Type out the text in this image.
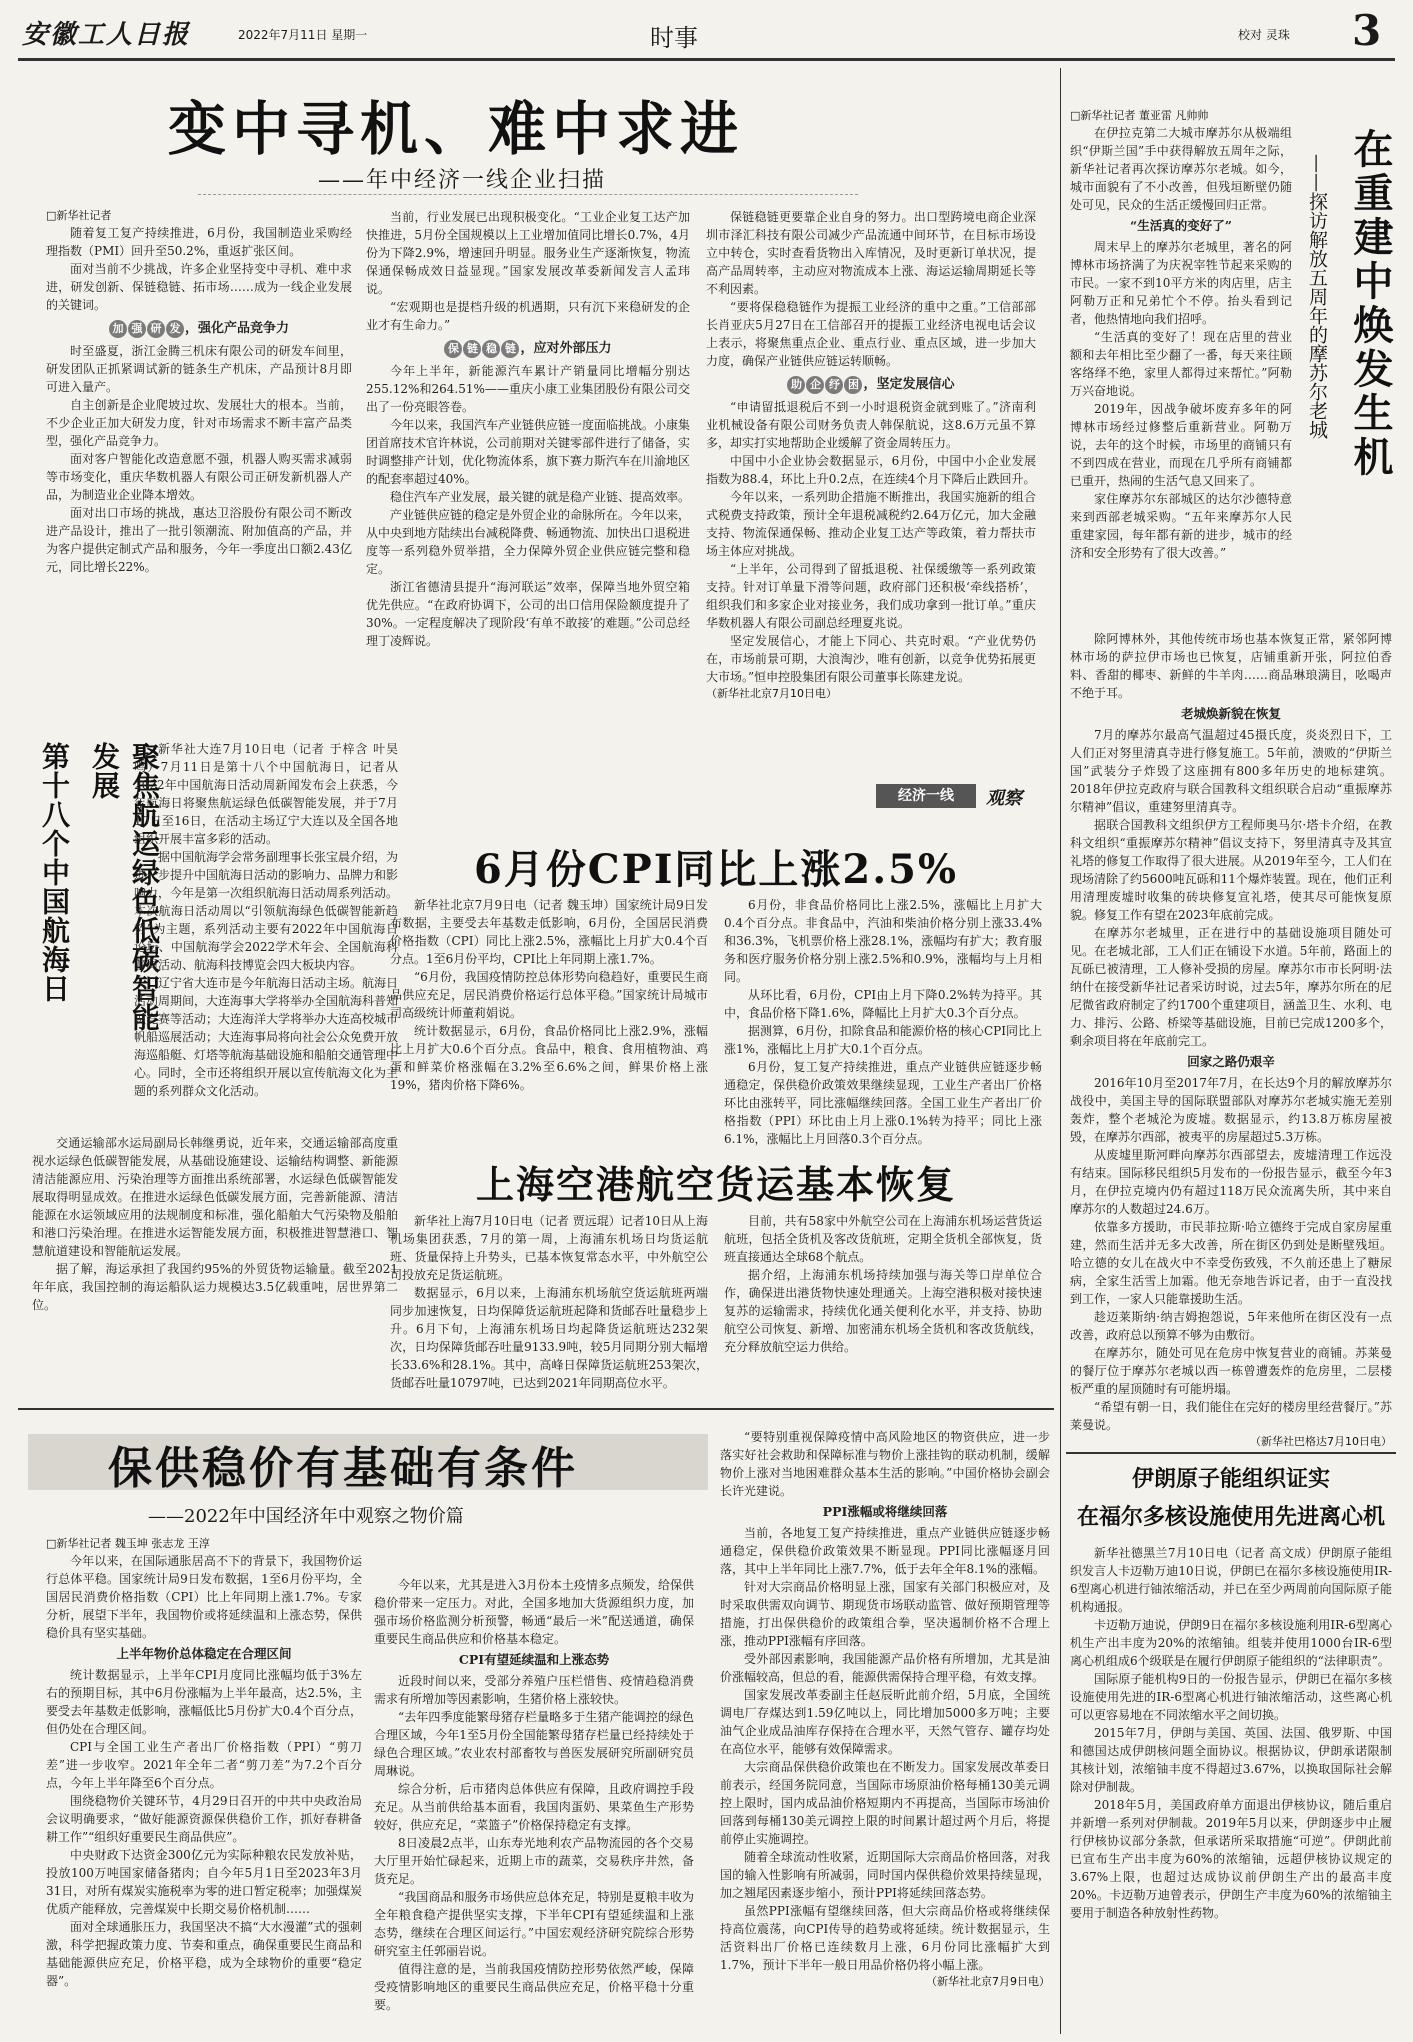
安徽工人日报	2022年7月11日 星期一	时事	校对 灵珠 3
变中寻机、难中求进
——年中经济一线企业扫描
□新华社记者

随着复工复产持续推进，6月份，我国制造业采购经理指数（PMI）回升至50.2%，重返扩张区间。

面对当前不少挑战，许多企业坚持变中寻机、难中求进，研发创新、保链稳链、拓市场……成为一线企业发展的关键词。

加 强 研 发 ，强化产品竞争力

时至盛夏，浙江金腾三机床有限公司的研发车间里，研发团队正抓紧调试新的链条生产机床，产品预计8月即可进入量产。

自主创新是企业爬坡过坎、发展壮大的根本。当前，不少企业正加大研发力度，针对市场需求不断丰富产品类型，强化产品竞争力。

面对客户智能化改造意愿不强，机器人购买需求减弱等市场变化，重庆华数机器人有限公司正研发新机器人产品，为制造业企业降本增效。

面对出口市场的挑战，惠达卫浴股份有限公司不断改进产品设计，推出了一批引领潮流、附加值高的产品，并为客户提供定制式产品和服务，今年一季度出口额2.43亿元，同比增长22%。

当前，行业发展已出现积极变化。“工业企业复工达产加快推进，5月份全国规模以上工业增加值同比增长0.7%，4月份为下降2.9%，增速回升明显。服务业生产逐渐恢复，物流保通保畅成效日益显现。”国家发展改革委新闻发言人孟玮说。

“宏观期也是提档升级的机遇期，只有沉下来稳研发的企业才有生命力。”

保 链 稳 链 ，应对外部压力

今年上半年，新能源汽车累计产销量同比增幅分别达255.12%和264.51%——重庆小康工业集团股份有限公司交出了一份亮眼答卷。

今年以来，我国汽车产业链供应链一度面临挑战。小康集团首席技术官许林说，公司前期对关键零部件进行了储备，实时调整排产计划，优化物流体系，旗下赛力斯汽车在川渝地区的配套率超过40%。

稳住汽车产业发展，最关键的就是稳产业链、提高效率。

产业链供应链的稳定是外贸企业的命脉所在。今年以来，从中央到地方陆续出台减税降费、畅通物流、加快出口退税进度等一系列稳外贸举措，全力保障外贸企业供应链完整和稳定。

浙江省德清县提升“海河联运”效率，保障当地外贸空箱优先供应。“在政府协调下，公司的出口信用保险额度提升了30%。一定程度解决了现阶段‘有单不敢接’的难题。”公司总经理丁凌辉说。

保链稳链更要靠企业自身的努力。出口型跨境电商企业深圳市泽汇科技有限公司减少产品流通中间环节，在目标市场设立中转仓，实时查看货物出入库情况，及时更新订单状况，提高产品周转率，主动应对物流成本上涨、海运运输周期延长等不利因素。

“要将保稳稳链作为提振工业经济的重中之重。”工信部部长肖亚庆5月27日在工信部召开的提振工业经济电视电话会议上表示，将聚焦重点企业、重点行业、重点区域，进一步加大力度，确保产业链供应链运转顺畅。

助 企 纾 困 ，坚定发展信心

“申请留抵退税后不到一小时退税资金就到账了。”济南利业机械设备有限公司财务负责人韩保航说，这8.6万元虽不算多，却实打实地帮助企业缓解了资金周转压力。

中国中小企业协会数据显示，6月份，中国中小企业发展指数为88.4，环比上升0.2点，在连续4个月下降后止跌回升。

今年以来，一系列助企措施不断推出，我国实施新的组合式税费支持政策，预计全年退税减税约2.64万亿元，加大金融支持、物流保通保畅、推动企业复工达产等政策，着力帮扶市场主体应对挑战。

“上半年，公司得到了留抵退税、社保缓缴等一系列政策支持。针对订单量下滑等问题，政府部门还积极‘牵线搭桥’，组织我们和多家企业对接业务，我们成功拿到一批订单。”重庆华数机器人有限公司副总经理夏兆说。

坚定发展信心，才能上下同心、共克时艰。“产业优势仍在，市场前景可期，大浪淘沙，唯有创新，以竞争优势拓展更大市场。”恒申控股集团有限公司董事长陈建龙说。

（新华社北京7月10日电）
经济一线	观察
聚焦航运绿色低碳智能发展
第十八个中国航海日	新华社大连7月10日电（记者 于梓含 叶昊鸣）7月11日是第十八个中国航海日，记者从2022年中国航海日活动周新闻发布会上获悉，今年航海日将聚焦航运绿色低碳智能发展，并于7月10日至16日，在活动主场辽宁大连以及全国各地组织开展丰富多彩的活动。

据中国航海学会常务副理事长张宝晨介绍，为进一步提升中国航海日活动的影响力、品牌力和影响力，今年是第一次组织航海日活动周系列活动。本次航海日活动周以“引领航海绿色低碳智能新趋势”为主题，系列活动主要有2022年中国航海日论坛、中国航海学会2022学术年会、全国航海科普周活动、航海科技博览会四大板块内容。

辽宁省大连市是今年航海日活动主场。航海日活动周期间，大连海事大学将举办全国航海科普知识竞赛等活动；大连海洋大学将举办大连高校城市帆船巡展活动；大连海事局将向社会公众免费开放海巡船艇、灯塔等航海基础设施和船舶交通管理中心。同时，全市还将组织开展以宣传航海文化为主题的系列群众文化活动。

交通运输部水运局副局长韩继勇说，近年来，交通运输部高度重视水运绿色低碳智能发展，从基础设施建设、运输结构调整、新能源清洁能源应用、污染治理等方面推出系统部署，水运绿色低碳智能发展取得明显成效。在推进水运绿色低碳发展方面，完善新能源、清洁能源在水运领域应用的法规制度和标准，强化船舶大气污染物及船舶和港口污染治理。在推进水运智能发展方面，积极推进智慧港口、智慧航道建设和智能航运发展。

据了解，海运承担了我国约95%的外贸货物运输量。截至2021年年底，我国控制的海运船队运力规模达3.5亿载重吨，居世界第二位。

6月份CPI同比上涨2.5%

新华社北京7月9日电（记者 魏玉坤）国家统计局9日发布数据，主要受去年基数走低影响，6月份，全国居民消费价格指数（CPI）同比上涨2.5%，涨幅比上月扩大0.4个百分点。1至6月份平均，CPI比上年同期上涨1.7%。

“6月份，我国疫情防控总体形势向稳趋好，重要民生商品供应充足，居民消费价格运行总体平稳。”国家统计局城市司高级统计师董莉娟说。

统计数据显示，6月份，食品价格同比上涨2.9%，涨幅比上月扩大0.6个百分点。食品中，粮食、食用植物油、鸡蛋和鲜菜价格涨幅在3.2%至6.6%之间，鲜果价格上涨19%，猪肉价格下降6%。

6月份，非食品价格同比上涨2.5%，涨幅比上月扩大0.4个百分点。非食品中，汽油和柴油价格分别上涨33.4%和36.3%，飞机票价格上涨28.1%，涨幅均有扩大；教育服务和医疗服务价格分别上涨2.5%和0.9%，涨幅均与上月相同。

从环比看，6月份，CPI由上月下降0.2%转为持平。其中，食品价格下降1.6%，降幅比上月扩大0.3个百分点。

据测算，6月份，扣除食品和能源价格的核心CPI同比上涨1%，涨幅比上月扩大0.1个百分点。

6月份，复工复产持续推进，重点产业链供应链逐步畅通稳定，保供稳价政策效果继续显现，工业生产者出厂价格环比由涨转平，同比涨幅继续回落。全国工业生产者出厂价格指数（PPI）环比由上月上涨0.1%转为持平；同比上涨6.1%，涨幅比上月回落0.3个百分点。

上海空港航空货运基本恢复

新华社上海7月10日电（记者 贾远琨）记者10日从上海机场集团获悉，7月的第一周，上海浦东机场日均货运航班、货量保持上升势头，已基本恢复常态水平，中外航空公司投放充足货运航班。

数据显示，6月以来，上海浦东机场航空货运航班两端同步加速恢复，日均保障货运航班起降和货邮吞吐量稳步上升。6月下旬，上海浦东机场日均起降货运航班达232架次，日均保障货邮吞吐量9133.9吨，较5月同期分别大幅增长33.6%和28.1%。其中，高峰日保障货运航班253架次，货邮吞吐量10797吨，已达到2021年同期高位水平。

目前，共有58家中外航空公司在上海浦东机场运营货运航班，包括全货机及客改货航班，定期全货机全部恢复，货班直接通达全球68个航点。

据介绍，上海浦东机场持续加强与海关等口岸单位合作，确保进出港货物快速处理通关。上海空港积极对接快速复苏的运输需求，持续优化通关便利化水平，并支持、协助航空公司恢复、新增、加密浦东机场全货机和客改货航线，充分释放航空运力供给。

保供稳价有基础有条件
——2022年中国经济年中观察之物价篇
□新华社记者 魏玉坤 张志龙 王淳

今年以来，在国际通胀居高不下的背景下，我国物价运行总体平稳。国家统计局9日发布数据，1至6月份平均，全国居民消费价格指数（CPI）比上年同期上涨1.7%。专家分析，展望下半年，我国物价或将延续温和上涨态势，保供稳价具有坚实基础。

上半年物价总体稳定在合理区间

统计数据显示，上半年CPI月度同比涨幅均低于3%左右的预期目标，其中6月份涨幅为上半年最高，达2.5%，主要受去年基数走低影响，涨幅低比5月份扩大0.4个百分点，但仍处在合理区间。

CPI与全国工业生产者出厂价格指数（PPI）“剪刀差”进一步收窄。2021年全年二者“剪刀差”为7.2个百分点，今年上半年降至6个百分点。

围绕稳物价关键环节，4月29日召开的中共中央政治局会议明确要求，“做好能源资源保供稳价工作，抓好春耕备耕工作”“组织好重要民生商品供应”。

中央财政下达资金300亿元为实际种粮农民发放补贴，投放100万吨国家储备猪肉；自今年5月1日至2023年3月31日，对所有煤炭实施税率为零的进口暂定税率；加强煤炭优质产能释放，完善煤炭中长期交易价格机制……

面对全球通胀压力，我国坚决不搞“大水漫灌”式的强刺激，科学把握政策力度、节奏和重点，确保重要民生商品和基础能源供应充足，价格平稳，成为全球物价的重要“稳定器”。

今年以来，尤其是进入3月份本土疫情多点频发，给保供稳价带来一定压力。对此，全国多地加大货源组织力度，加强市场价格监测分析预警，畅通“最后一米”配送通道，确保重要民生商品供应和价格基本稳定。

CPI有望延续温和上涨态势

近段时间以来，受部分养殖户压栏惜售、疫情趋稳消费需求有所增加等因素影响，生猪价格上涨较快。

“去年四季度能繁母猪存栏量略多于生猪产能调控的绿色合理区域，今年1至5月份全国能繁母猪存栏量已经持续处于绿色合理区域。”农业农村部畜牧与兽医发展研究所副研究员周琳说。

综合分析，后市猪肉总体供应有保障，且政府调控手段充足。从当前供给基本面看，我国肉蛋奶、果菜鱼生产形势较好，供应充足，“菜篮子”价格保持稳定有支撑。

8日凌晨2点半，山东寿光地利农产品物流园的各个交易大厅里开始忙碌起来，近期上市的蔬菜，交易秩序井然，备货充足。

“我国商品和服务市场供应总体充足，特别是夏粮丰收为全年粮食稳产提供坚实支撑，下半年CPI有望延续温和上涨态势，继续在合理区间运行。”中国宏观经济研究院综合形势研究室主任郭丽岩说。

值得注意的是，当前我国疫情防控形势依然严峻，保障受疫情影响地区的重要民生商品供应充足，价格平稳十分重要。

“要特别重视保障疫情中高风险地区的物资供应，进一步落实好社会救助和保障标准与物价上涨挂钩的联动机制，缓解物价上涨对当地困难群众基本生活的影响。”中国价格协会副会长许光建说。

PPI涨幅或将继续回落

当前，各地复工复产持续推进，重点产业链供应链逐步畅通稳定，保供稳价政策效果不断显现。PPI同比涨幅逐月回落，其中上半年同比上涨7.7%，低于去年全年8.1%的涨幅。

针对大宗商品价格明显上涨，国家有关部门积极应对，及时采取供需双向调节、期现货市场联动监管、做好预期管理等措施，打出保供稳价的政策组合拳，坚决遏制价格不合理上涨，推动PPI涨幅有序回落。

受外部因素影响，我国能源产品价格有所增加，尤其是油价涨幅较高，但总的看，能源供需保持合理平稳，有效支撑。

国家发展改革委副主任赵辰昕此前介绍，5月底，全国统调电厂存煤达到1.59亿吨以上，同比增加5000多万吨；主要油气企业成品油库存保持在合理水平，天然气管存、罐存均处在高位水平，能够有效保障需求。

大宗商品保供稳价政策也在不断发力。国家发展改革委日前表示，经国务院同意，当国际市场原油价格每桶130美元调控上限时，国内成品油价格短期内不再提高，当国际市场油价回落到每桶130美元调控上限的时间累计超过两个月后，将提前停止实施调控。

随着全球流动性收紧，近期国际大宗商品价格回落，对我国的输入性影响有所减弱，同时国内保供稳价效果持续显现，加之翘尾因素逐步缩小，预计PPI将延续回落态势。

虽然PPI涨幅有望继续回落，但大宗商品价格或将继续保持高位震荡，向CPI传导的趋势或将延续。统计数据显示，生活资料出厂价格已连续数月上涨，6月份同比涨幅扩大到1.7%，预计下半年一般日用品价格仍将小幅上涨。

（新华社北京7月9日电）
□新华社记者 董亚雷 凡帅帅

在伊拉克第二大城市摩苏尔从极端组织“伊斯兰国”手中获得解放五周年之际，新华社记者再次探访摩苏尔老城。如今，城市面貌有了不小改善，但残垣断壁仍随处可见，民众的生活正缓慢回归正常。

“生活真的变好了”

周末早上的摩苏尔老城里，著名的阿博林市场挤满了为庆祝宰牲节起来采购的市民。一家不到10平方米的肉店里，店主阿勒万正和兄弟忙个不停。抬头看到记者，他热情地向我们招呼。

“生活真的变好了！现在店里的营业额和去年相比至少翻了一番，每天来往顾客络绎不绝，家里人都得过来帮忙。”阿勒万兴奋地说。

2019年，因战争破坏废弃多年的阿博林市场经过修整后重新营业。阿勒万说，去年的这个时候，市场里的商铺只有不到四成在营业，而现在几乎所有商铺都已重开，热闹的生活气息又回来了。

家住摩苏尔东部城区的达尔沙德特意来到西部老城采购。“五年来摩苏尔人民重建家园，每年都有新的进步，城市的经济和安全形势有了很大改善。”

在重建中焕发生机
——探访解放五周年的摩苏尔老城

除阿博林外，其他传统市场也基本恢复正常，紧邻阿博林市场的萨拉伊市场也已恢复，店铺重新开张，阿拉伯香料、香甜的椰枣、新鲜的牛羊肉……商品琳琅满目，吆喝声不绝于耳。

老城焕新貌在恢复

7月的摩苏尔最高气温超过45摄氏度，炎炎烈日下，工人们正对努里清真寺进行修复施工。5年前，溃败的“伊斯兰国”武装分子炸毁了这座拥有800多年历史的地标建筑。2018年伊拉克政府与联合国教科文组织联合启动“重振摩苏尔精神”倡议，重建努里清真寺。

据联合国教科文组织伊方工程师奥马尔·塔卡介绍，在教科文组织“重振摩苏尔精神”倡议支持下，努里清真寺及其宣礼塔的修复工作取得了很大进展。从2019年至今，工人们在现场清除了约5600吨瓦砾和11个爆炸装置。现在，他们正利用清理废墟时收集的砖块修复宣礼塔，使其尽可能恢复原貌。修复工作有望在2023年底前完成。

在摩苏尔老城里，正在进行中的基础设施项目随处可见。在老城北部，工人们正在铺设下水道。5年前，路面上的瓦砾已被清理，工人修补受损的房屋。摩苏尔市市长阿明·法纳什在接受新华社记者采访时说，过去5年，摩苏尔所在的尼尼微省政府制定了约1700个重建项目，涵盖卫生、水利、电力、排污、公路、桥梁等基础设施，目前已完成1200多个，剩余项目将在年底前完工。

回家之路仍艰辛

2016年10月至2017年7月，在长达9个月的解放摩苏尔战役中，美国主导的国际联盟部队对摩苏尔老城实施无差别轰炸，整个老城沦为废墟。数据显示，约13.8万栋房屋被毁，在摩苏尔西部，被夷平的房屋超过5.3万栋。

从废墟里斯河畔向摩苏尔西部望去，废墟清理工作远没有结束。国际移民组织5月发布的一份报告显示，截至今年3月，在伊拉克境内仍有超过118万民众流离失所，其中来自摩苏尔的人数超过24.6万。

依靠多方援助，市民菲拉斯·哈立德终于完成自家房屋重建，然而生活并无多大改善，所在街区仍到处是断壁残垣。哈立德的女儿在战火中不幸受伤致残，不久前还患上了糖尿病，全家生活雪上加霜。他无奈地告诉记者，由于一直没找到工作，一家人只能靠援助生活。

趁迈莱斯纳·纳吉姆抱怨说，5年来他所在街区没有一点改善，政府总以预算不够为由敷衍。

在摩苏尔，随处可见在危房中恢复营业的商铺。苏莱曼的餐厅位于摩苏尔老城以西一栋曾遭轰炸的危房里，二层楼板严重的屋顶随时有可能坍塌。

“希望有朝一日，我们能住在完好的楼房里经营餐厅。”苏莱曼说。

（新华社巴格达7月10日电）
伊朗原子能组织证实
在福尔多核设施使用先进离心机

新华社德黑兰7月10日电（记者 高文成）伊朗原子能组织发言人卡迈勒万迪10日说，伊朗已在福尔多核设施使用IR-6型离心机进行铀浓缩活动，并已在至少两周前向国际原子能机构通报。

卡迈勒万迪说，伊朗9日在福尔多核设施利用IR-6型离心机生产出丰度为20%的浓缩铀。组装并使用1000台IR-6型离心机组成6个级联是在履行伊朗原子能组织的“法律职责”。

国际原子能机构9日的一份报告显示，伊朗已在福尔多核设施使用先进的IR-6型离心机进行铀浓缩活动，这些离心机可以更容易地在不同浓缩水平之间切换。

2015年7月，伊朗与美国、英国、法国、俄罗斯、中国和德国达成伊朗核问题全面协议。根据协议，伊朗承诺限制其核计划，浓缩铀丰度不得超过3.67%，以换取国际社会解除对伊制裁。

2018年5月，美国政府单方面退出伊核协议，随后重启并新增一系列对伊制裁。2019年5月以来，伊朗逐步中止履行伊核协议部分条款，但承诺所采取措施“可逆”。伊朗此前已宣布生产出丰度为60%的浓缩铀，远超伊核协议规定的3.67%上限，也超过达成协议前伊朗生产出的最高丰度20%。卡迈勒万迪曾表示，伊朗生产丰度为60%的浓缩铀主要用于制造各种放射性药物。
